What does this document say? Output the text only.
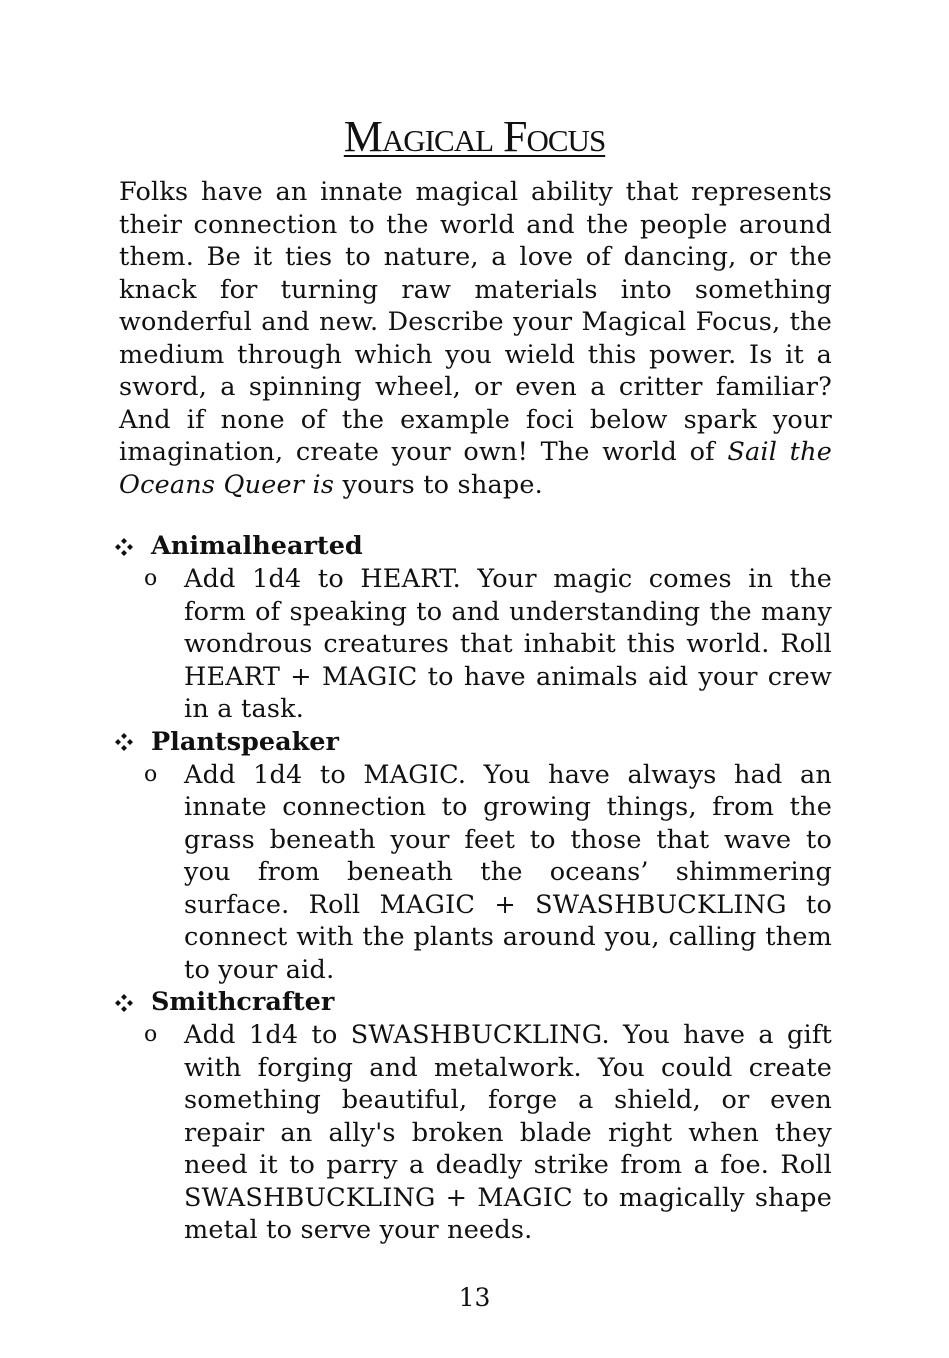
Magical Focus
Folks have an innate magical ability that represents their connection to the world and the people around them. Be it ties to nature, a love of dancing, or the knack for turning raw materials into something wonderful and new. Describe your Magical Focus, the medium through which you wield this power. Is it a sword, a spinning wheel, or even a critter familiar? And if none of the example foci below spark your imagination, create your own! The world of Sail the Oceans Queer is yours to shape.
Animalhearted
o	Add 1d4 to HEART. Your magic comes in the form of speaking to and understanding the many wondrous creatures that inhabit this world. Roll HEART + MAGIC to have animals aid your crew in a task.
Plantspeaker
o	Add 1d4 to MAGIC. You have always had an innate connection to growing things, from the grass beneath your feet to those that wave to you from beneath the oceans’ shimmering surface. Roll MAGIC + SWASHBUCKLING to connect with the plants around you, calling them to your aid.
Smithcrafter
o	Add 1d4 to SWASHBUCKLING. You have a gift with forging and metalwork. You could create something beautiful, forge a shield, or even repair an ally's broken blade right when they need it to parry a deadly strike from a foe. Roll SWASHBUCKLING + MAGIC to magically shape metal to serve your needs.
13
